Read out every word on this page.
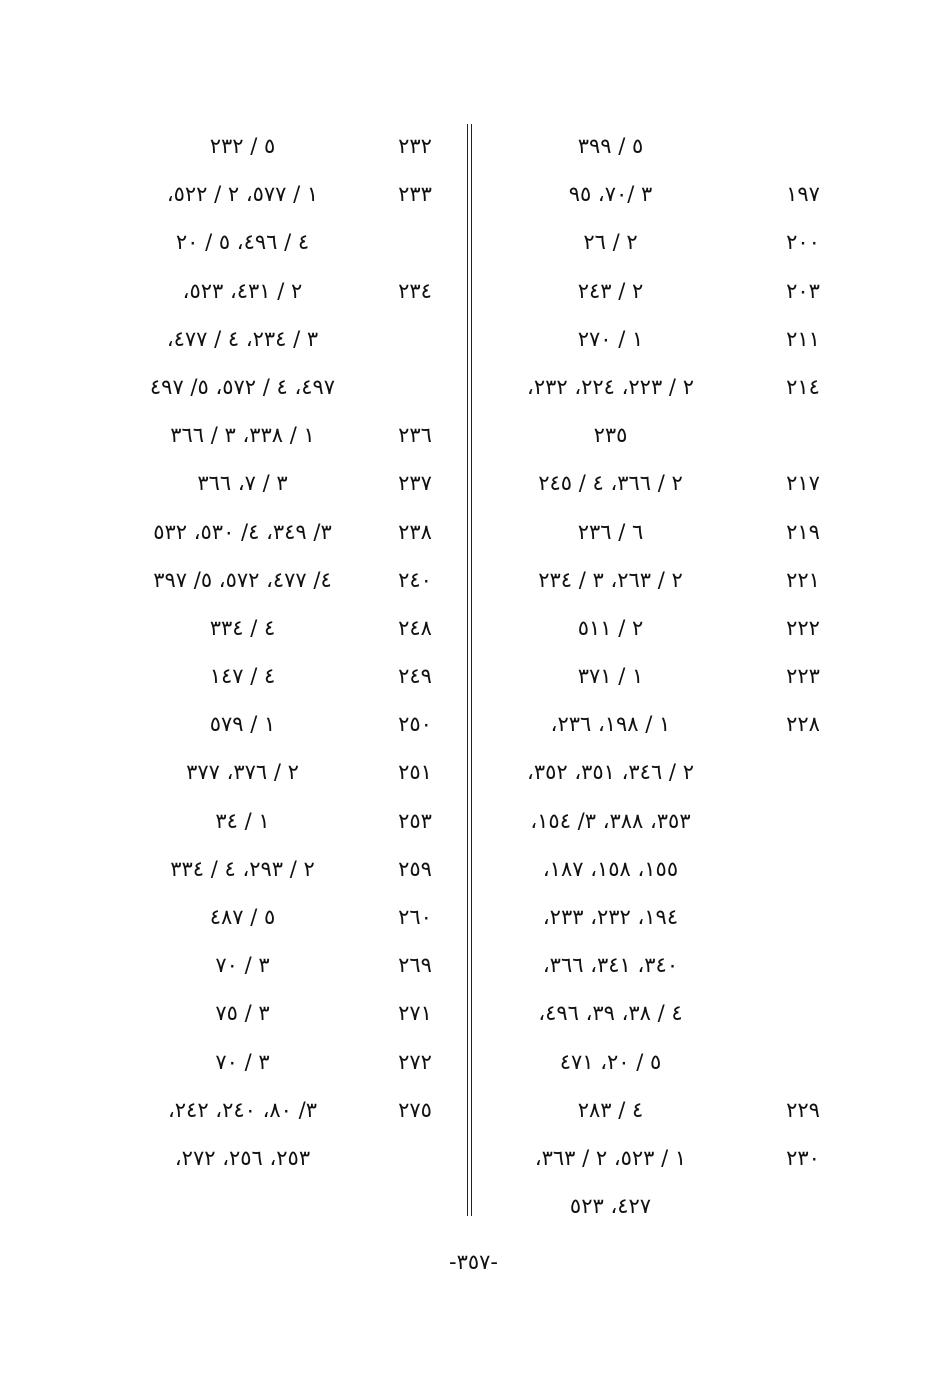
٥ / ٣٩٩
١٩٧
٣ /٧٠، ٩٥
٢٠٠
٢ / ٢٦
٢٠٣
٢ / ٢٤٣
٢١١
١ / ٢٧٠
٢١٤
٢ / ٢٢٣، ٢٢٤، ٢٣٢،
٢٣٥
٢١٧
٢ / ٣٦٦، ٤ / ٢٤٥
٢١٩
٦ / ٢٣٦
٢٢١
٢ / ٢٦٣، ٣ / ٢٣٤
٢٢٢
٢ / ٥١١
٢٢٣
١ / ٣٧١
٢٢٨
١ / ١٩٨، ٢٣٦،
٢ / ٣٤٦، ٣٥١، ٣٥٢،
٣٥٣، ٣٨٨، ٣/ ١٥٤،
١٥٥، ١٥٨، ١٨٧،
١٩٤، ٢٣٢، ٢٣٣،
٣٤٠، ٣٤١، ٣٦٦،
٤ / ٣٨، ٣٩، ٤٩٦،
٥ / ٢٠، ٤٧١
٢٢٩
٤ / ٢٨٣
٢٣٠
١ / ٥٢٣، ٢ / ٣٦٣،
٤٢٧، ٥٢٣
٢٣٢
٥ / ٢٣٢
٢٣٣
١ / ٥٧٧، ٢ / ٥٢٢،
٤ / ٤٩٦، ٥ / ٢٠
٢٣٤
٢ / ٤٣١، ٥٢٣،
٣ / ٢٣٤، ٤ / ٤٧٧،
٤٩٧، ٤ / ٥٧٢، ٥/ ٤٩٧
٢٣٦
١ / ٣٣٨، ٣ / ٣٦٦
٢٣٧
٣ / ٧، ٣٦٦
٢٣٨
٣/ ٣٤٩، ٤/ ٥٣٠، ٥٣٢
٢٤٠
٤/ ٤٧٧، ٥٧٢، ٥/ ٣٩٧
٢٤٨
٤ / ٣٣٤
٢٤٩
٤ / ١٤٧
٢٥٠
١ / ٥٧٩
٢٥١
٢ / ٣٧٦، ٣٧٧
٢٥٣
١ / ٣٤
٢٥٩
٢ / ٢٩٣، ٤ / ٣٣٤
٢٦٠
٥ / ٤٨٧
٢٦٩
٣ / ٧٠
٢٧١
٣ / ٧٥
٢٧٢
٣ / ٧٠
٢٧٥
٣/ ٨٠، ٢٤٠، ٢٤٢،
٢٥٣، ٢٥٦، ٢٧٢،
-٣٥٧-
